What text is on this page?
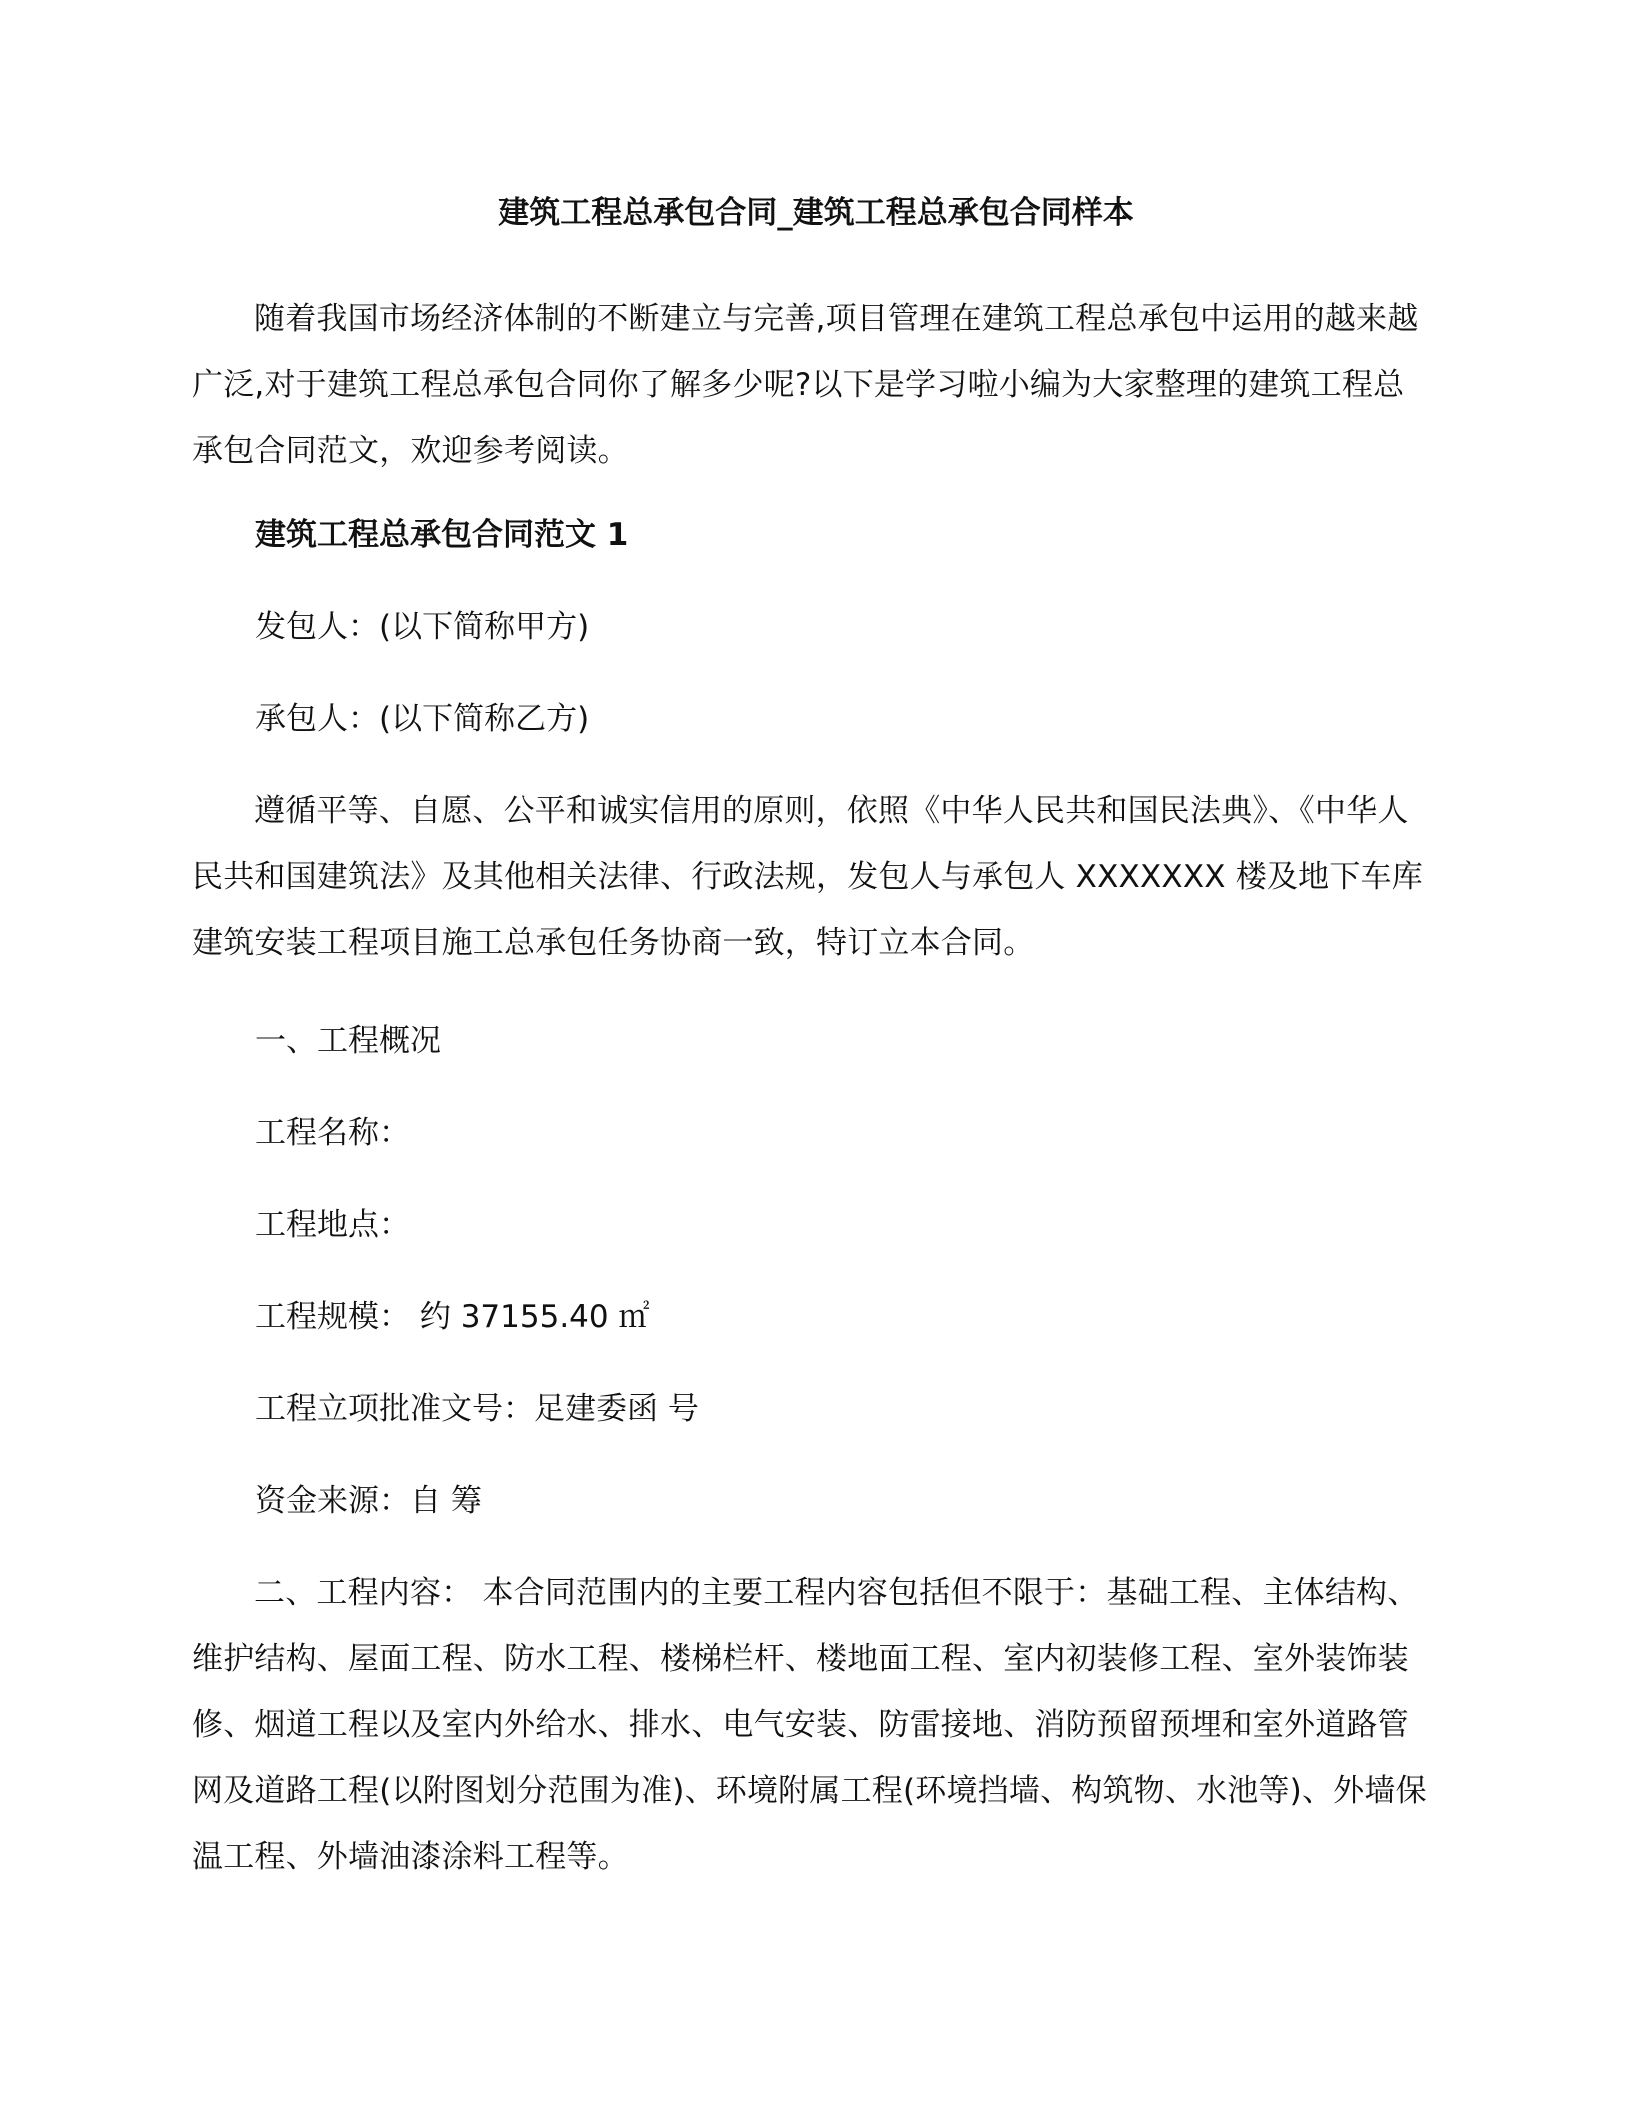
建筑工程总承包合同_建筑工程总承包合同样本

随着我国市场经济体制的不断建立与完善,项目管理在建筑工程总承包中运用的越来越广泛,对于建筑工程总承包合同你了解多少呢?以下是学习啦小编为大家整理的建筑工程总承包合同范文，欢迎参考阅读。

建筑工程总承包合同范文 1

发包人：(以下简称甲方)

承包人：(以下简称乙方)

遵循平等、自愿、公平和诚实信用的原则，依照《中华人民共和国民法典》、《中华人民共和国建筑法》及其他相关法律、行政法规，发包人与承包人 XXXXXXX 楼及地下车库建筑安装工程项目施工总承包任务协商一致，特订立本合同。

一、工程概况

工程名称：

工程地点：

工程规模： 约 37155.40 ㎡

工程立项批准文号：足建委函 号

资金来源：自 筹

二、工程内容： 本合同范围内的主要工程内容包括但不限于：基础工程、主体结构、维护结构、屋面工程、防水工程、楼梯栏杆、楼地面工程、室内初装修工程、室外装饰装修、烟道工程以及室内外给水、排水、电气安装、防雷接地、消防预留预埋和室外道路管网及道路工程(以附图划分范围为准)、环境附属工程(环境挡墙、构筑物、水池等)、外墙保温工程、外墙油漆涂料工程等。
